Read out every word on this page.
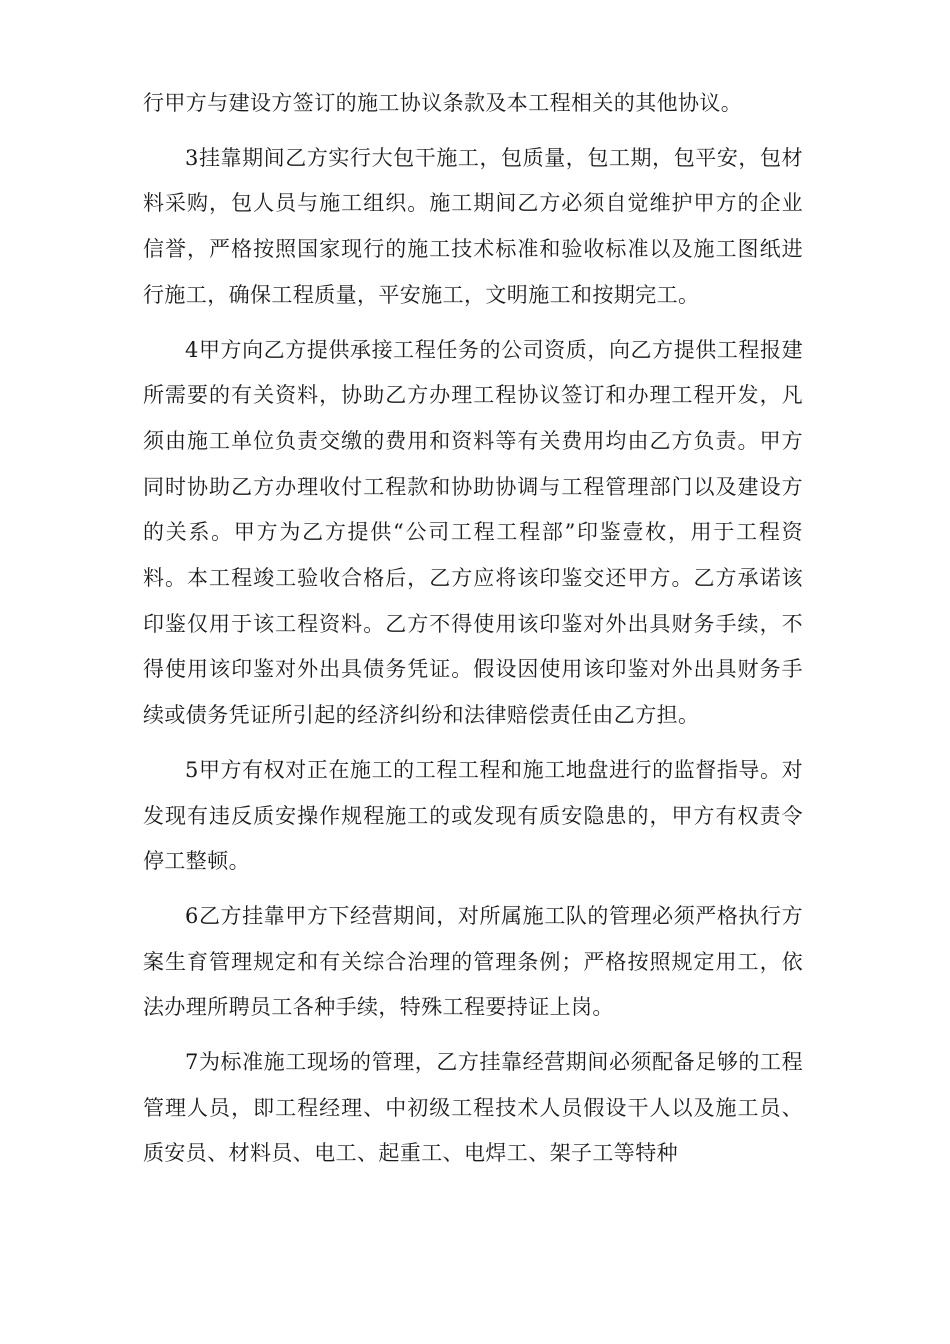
行甲方与建设方签订的施工协议条款及本工程相关的其他协议。

3挂靠期间乙方实行大包干施工，包质量，包工期，包平安，包材料采购，包人员与施工组织。施工期间乙方必须自觉维护甲方的企业信誉，严格按照国家现行的施工技术标准和验收标准以及施工图纸进行施工，确保工程质量，平安施工，文明施工和按期完工。

4甲方向乙方提供承接工程任务的公司资质，向乙方提供工程报建所需要的有关资料，协助乙方办理工程协议签订和办理工程开发，凡须由施工单位负责交缴的费用和资料等有关费用均由乙方负责。甲方同时协助乙方办理收付工程款和协助协调与工程管理部门以及建设方的关系。甲方为乙方提供“公司工程工程部”印鉴壹枚，用于工程资料。本工程竣工验收合格后，乙方应将该印鉴交还甲方。乙方承诺该印鉴仅用于该工程资料。乙方不得使用该印鉴对外出具财务手续，不得使用该印鉴对外出具债务凭证。假设因使用该印鉴对外出具财务手续或债务凭证所引起的经济纠纷和法律赔偿责任由乙方担。

5甲方有权对正在施工的工程工程和施工地盘进行的监督指导。对发现有违反质安操作规程施工的或发现有质安隐患的，甲方有权责令停工整顿。

6乙方挂靠甲方下经营期间，对所属施工队的管理必须严格执行方案生育管理规定和有关综合治理的管理条例；严格按照规定用工，依法办理所聘员工各种手续，特殊工程要持证上岗。

7为标准施工现场的管理，乙方挂靠经营期间必须配备足够的工程管理人员，即工程经理、中初级工程技术人员假设干人以及施工员、质安员、材料员、电工、起重工、电焊工、架子工等特种
